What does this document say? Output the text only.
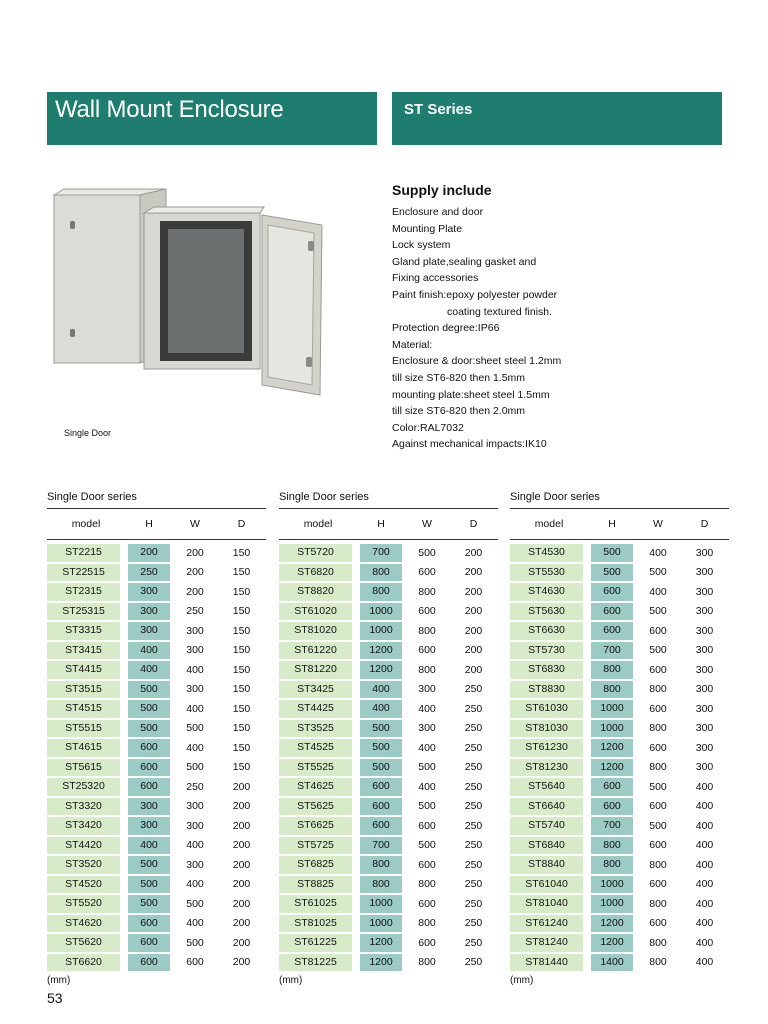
Wall Mount Enclosure	ST Series
Single Door
Supply include
Enclosure and door
Mounting Plate
Lock system
Gland plate,sealing gasket and
Fixing accessories
Paint finish:epoxy polyester powder
coating textured finish.
Protection degree:IP66
Material:
Enclosure & door:sheet steel 1.2mm
till size ST6-820 then 1.5mm
mounting plate:sheet steel 1.5mm
till size ST6-820 then 2.0mm
Color:RAL7032
Against mechanical impacts:IK10
Single Door series
model	H	W	D

ST2215	200	200	150

ST22515	250	200	150

ST2315	300	200	150

ST25315	300	250	150

ST3315	300	300	150

ST3415	400	300	150

ST4415	400	400	150

ST3515	500	300	150

ST4515	500	400	150

ST5515	500	500	150

ST4615	600	400	150

ST5615	600	500	150

ST25320	600	250	200

ST3320	300	300	200

ST3420	300	300	200

ST4420	400	400	200

ST3520	500	300	200

ST4520	500	400	200

ST5520	500	500	200

ST4620	600	400	200

ST5620	600	500	200

ST6620	600	600	200
(mm)
Single Door series
model	H	W	D

ST5720	700	500	200

ST6820	800	600	200

ST8820	800	800	200

ST61020	1000	600	200

ST81020	1000	800	200

ST61220	1200	600	200

ST81220	1200	800	200

ST3425	400	300	250

ST4425	400	400	250

ST3525	500	300	250

ST4525	500	400	250

ST5525	500	500	250

ST4625	600	400	250

ST5625	600	500	250

ST6625	600	600	250

ST5725	700	500	250

ST6825	800	600	250

ST8825	800	800	250

ST61025	1000	600	250

ST81025	1000	800	250

ST61225	1200	600	250

ST81225	1200	800	250
(mm)
Single Door series
model	H	W	D

ST4530	500	400	300

ST5530	500	500	300

ST4630	600	400	300

ST5630	600	500	300

ST6630	600	600	300

ST5730	700	500	300

ST6830	800	600	300

ST8830	800	800	300

ST61030	1000	600	300

ST81030	1000	800	300

ST61230	1200	600	300

ST81230	1200	800	300

ST5640	600	500	400

ST6640	600	600	400

ST5740	700	500	400

ST6840	800	600	400

ST8840	800	800	400

ST61040	1000	600	400

ST81040	1000	800	400

ST61240	1200	600	400

ST81240	1200	800	400

ST81440	1400	800	400
(mm)
53
